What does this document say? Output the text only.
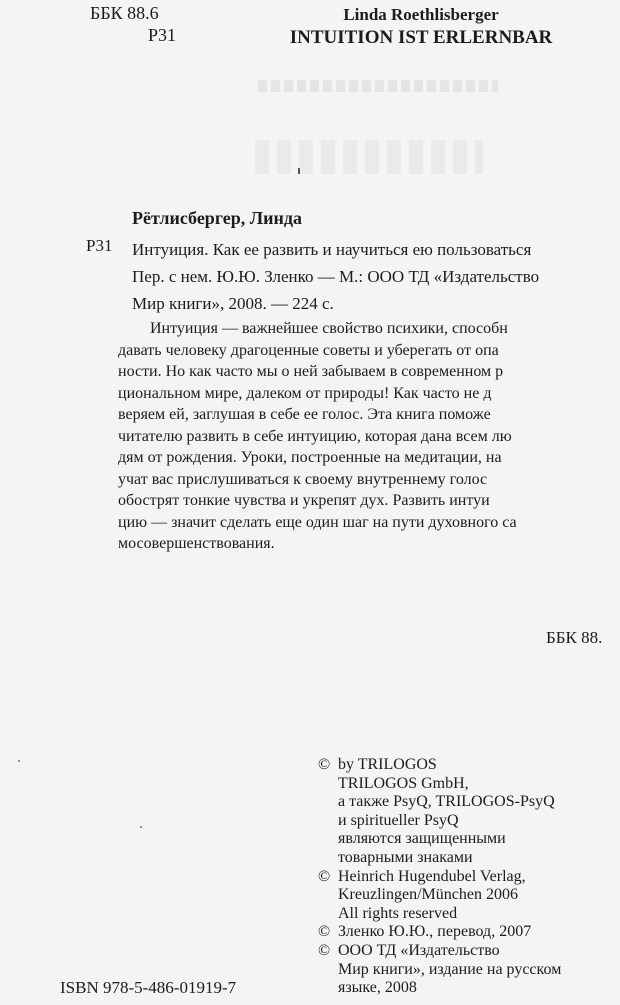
ББК 88.6
Р31
Linda Roethlisberger
INTUITION IST ERLERNBAR
Рётлисбергер, Линда
Р31 Интуиция. Как ее развить и научиться ею пользоваться
Пер. с нем. Ю.Ю. Зленко — М.: ООО ТД «Издательство
Мир книги», 2008. — 224 с.
Интуиция — важнейшее свойство психики, способн
давать человеку драгоценные советы и уберегать от опа
ности. Но как часто мы о ней забываем в современном р
циональном мире, далеком от природы! Как часто не д
веряем ей, заглушая в себе ее голос. Эта книга поможе
читателю развить в себе интуицию, которая дана всем лю
дям от рождения. Уроки, построенные на медитации, на
учат вас прислушиваться к своему внутреннему голос
обострят тонкие чувства и укрепят дух. Развить интуи
цию — значит сделать еще один шаг на пути духовного са
мосовершенствования.
ББК 88.
© by TRILOGOS
TRILOGOS GmbH,
а также PsyQ, TRILOGOS-PsyQ
и spiritueller PsyQ
являются защищенными
товарными знаками
© Heinrich Hugendubel Verlag,
Kreuzlingen/München 2006
All rights reserved
© Зленко Ю.Ю., перевод, 2007
© ООО ТД «Издательство
Мир книги», издание на русском
языке, 2008
ISBN 978-5-486-01919-7
